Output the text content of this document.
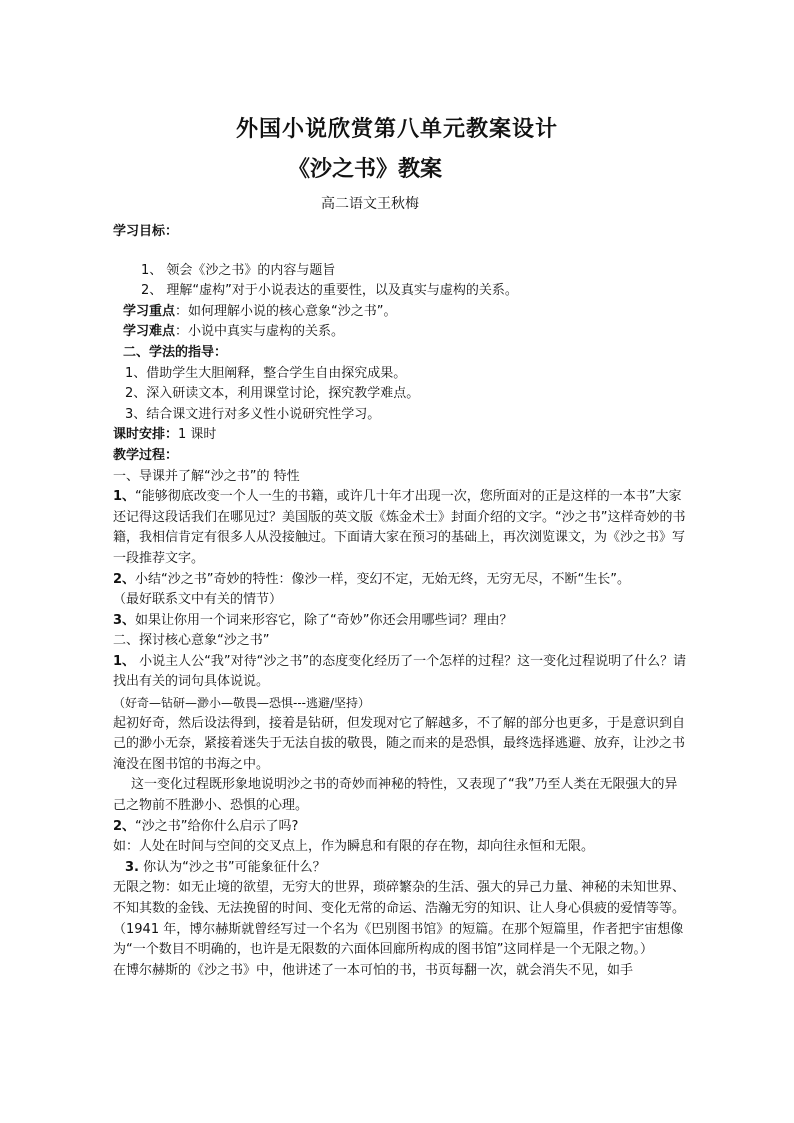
外国小说欣赏第八单元教案设计
《沙之书》教案
高二语文王秋梅

学习目标：

1、 领会《沙之书》的内容与题旨

2、 理解“虚构”对于小说表达的重要性，以及真实与虚构的关系。

学习重点：如何理解小说的核心意象“沙之书”。

学习难点：小说中真实与虚构的关系。

二、学法的指导：

1、借助学生大胆阐释，整合学生自由探究成果。

2、深入研读文本，利用课堂讨论，探究教学难点。

3、结合课文进行对多义性小说研究性学习。

课时安排：1 课时

教学过程：

一、导课并了解“沙之书”的 特性

1、“能够彻底改变一个人一生的书籍，或许几十年才出现一次，您所面对的正是这样的一本书”大家还记得这段话我们在哪见过？美国版的英文版《炼金术士》封面介绍的文字。“沙之书”这样奇妙的书籍，我相信肯定有很多人从没接触过。下面请大家在预习的基础上，再次浏览课文，为《沙之书》写一段推荐文字。

2、小结“沙之书”奇妙的特性：像沙一样，变幻不定，无始无终，无穷无尽，不断“生长”。

（最好联系文中有关的情节）

3、如果让你用一个词来形容它，除了“奇妙”你还会用哪些词？理由？

二、探讨核心意象“沙之书”

1、 小说主人公“我”对待“沙之书”的态度变化经历了一个怎样的过程？这一变化过程说明了什么？请找出有关的词句具体说说。

（好奇—钻研—渺小—敬畏—恐惧---逃避/坚持）

起初好奇，然后设法得到，接着是钻研，但发现对它了解越多，不了解的部分也更多，于是意识到自己的渺小无奈，紧接着迷失于无法自拔的敬畏，随之而来的是恐惧，最终选择逃避、放弃，让沙之书淹没在图书馆的书海之中。

这一变化过程既形象地说明沙之书的奇妙而神秘的特性，又表现了“我”乃至人类在无限强大的异己之物前不胜渺小、恐惧的心理。

2、“沙之书”给你什么启示了吗?

如：人处在时间与空间的交叉点上，作为瞬息和有限的存在物，却向往永恒和无限。

3. 你认为“沙之书”可能象征什么？

无限之物：如无止境的欲望，无穷大的世界，琐碎繁杂的生活、强大的异己力量、神秘的未知世界、不知其数的金钱、无法挽留的时间、变化无常的命运、浩瀚无穷的知识、让人身心俱疲的爱情等等。（1941 年，博尔赫斯就曾经写过一个名为《巴别图书馆》的短篇。在那个短篇里，作者把宇宙想像为“一个数目不明确的，也许是无限数的六面体回廊所构成的图书馆”这同样是一个无限之物。）

在博尔赫斯的《沙之书》中，他讲述了一本可怕的书，书页每翻一次，就会消失不见，如手
